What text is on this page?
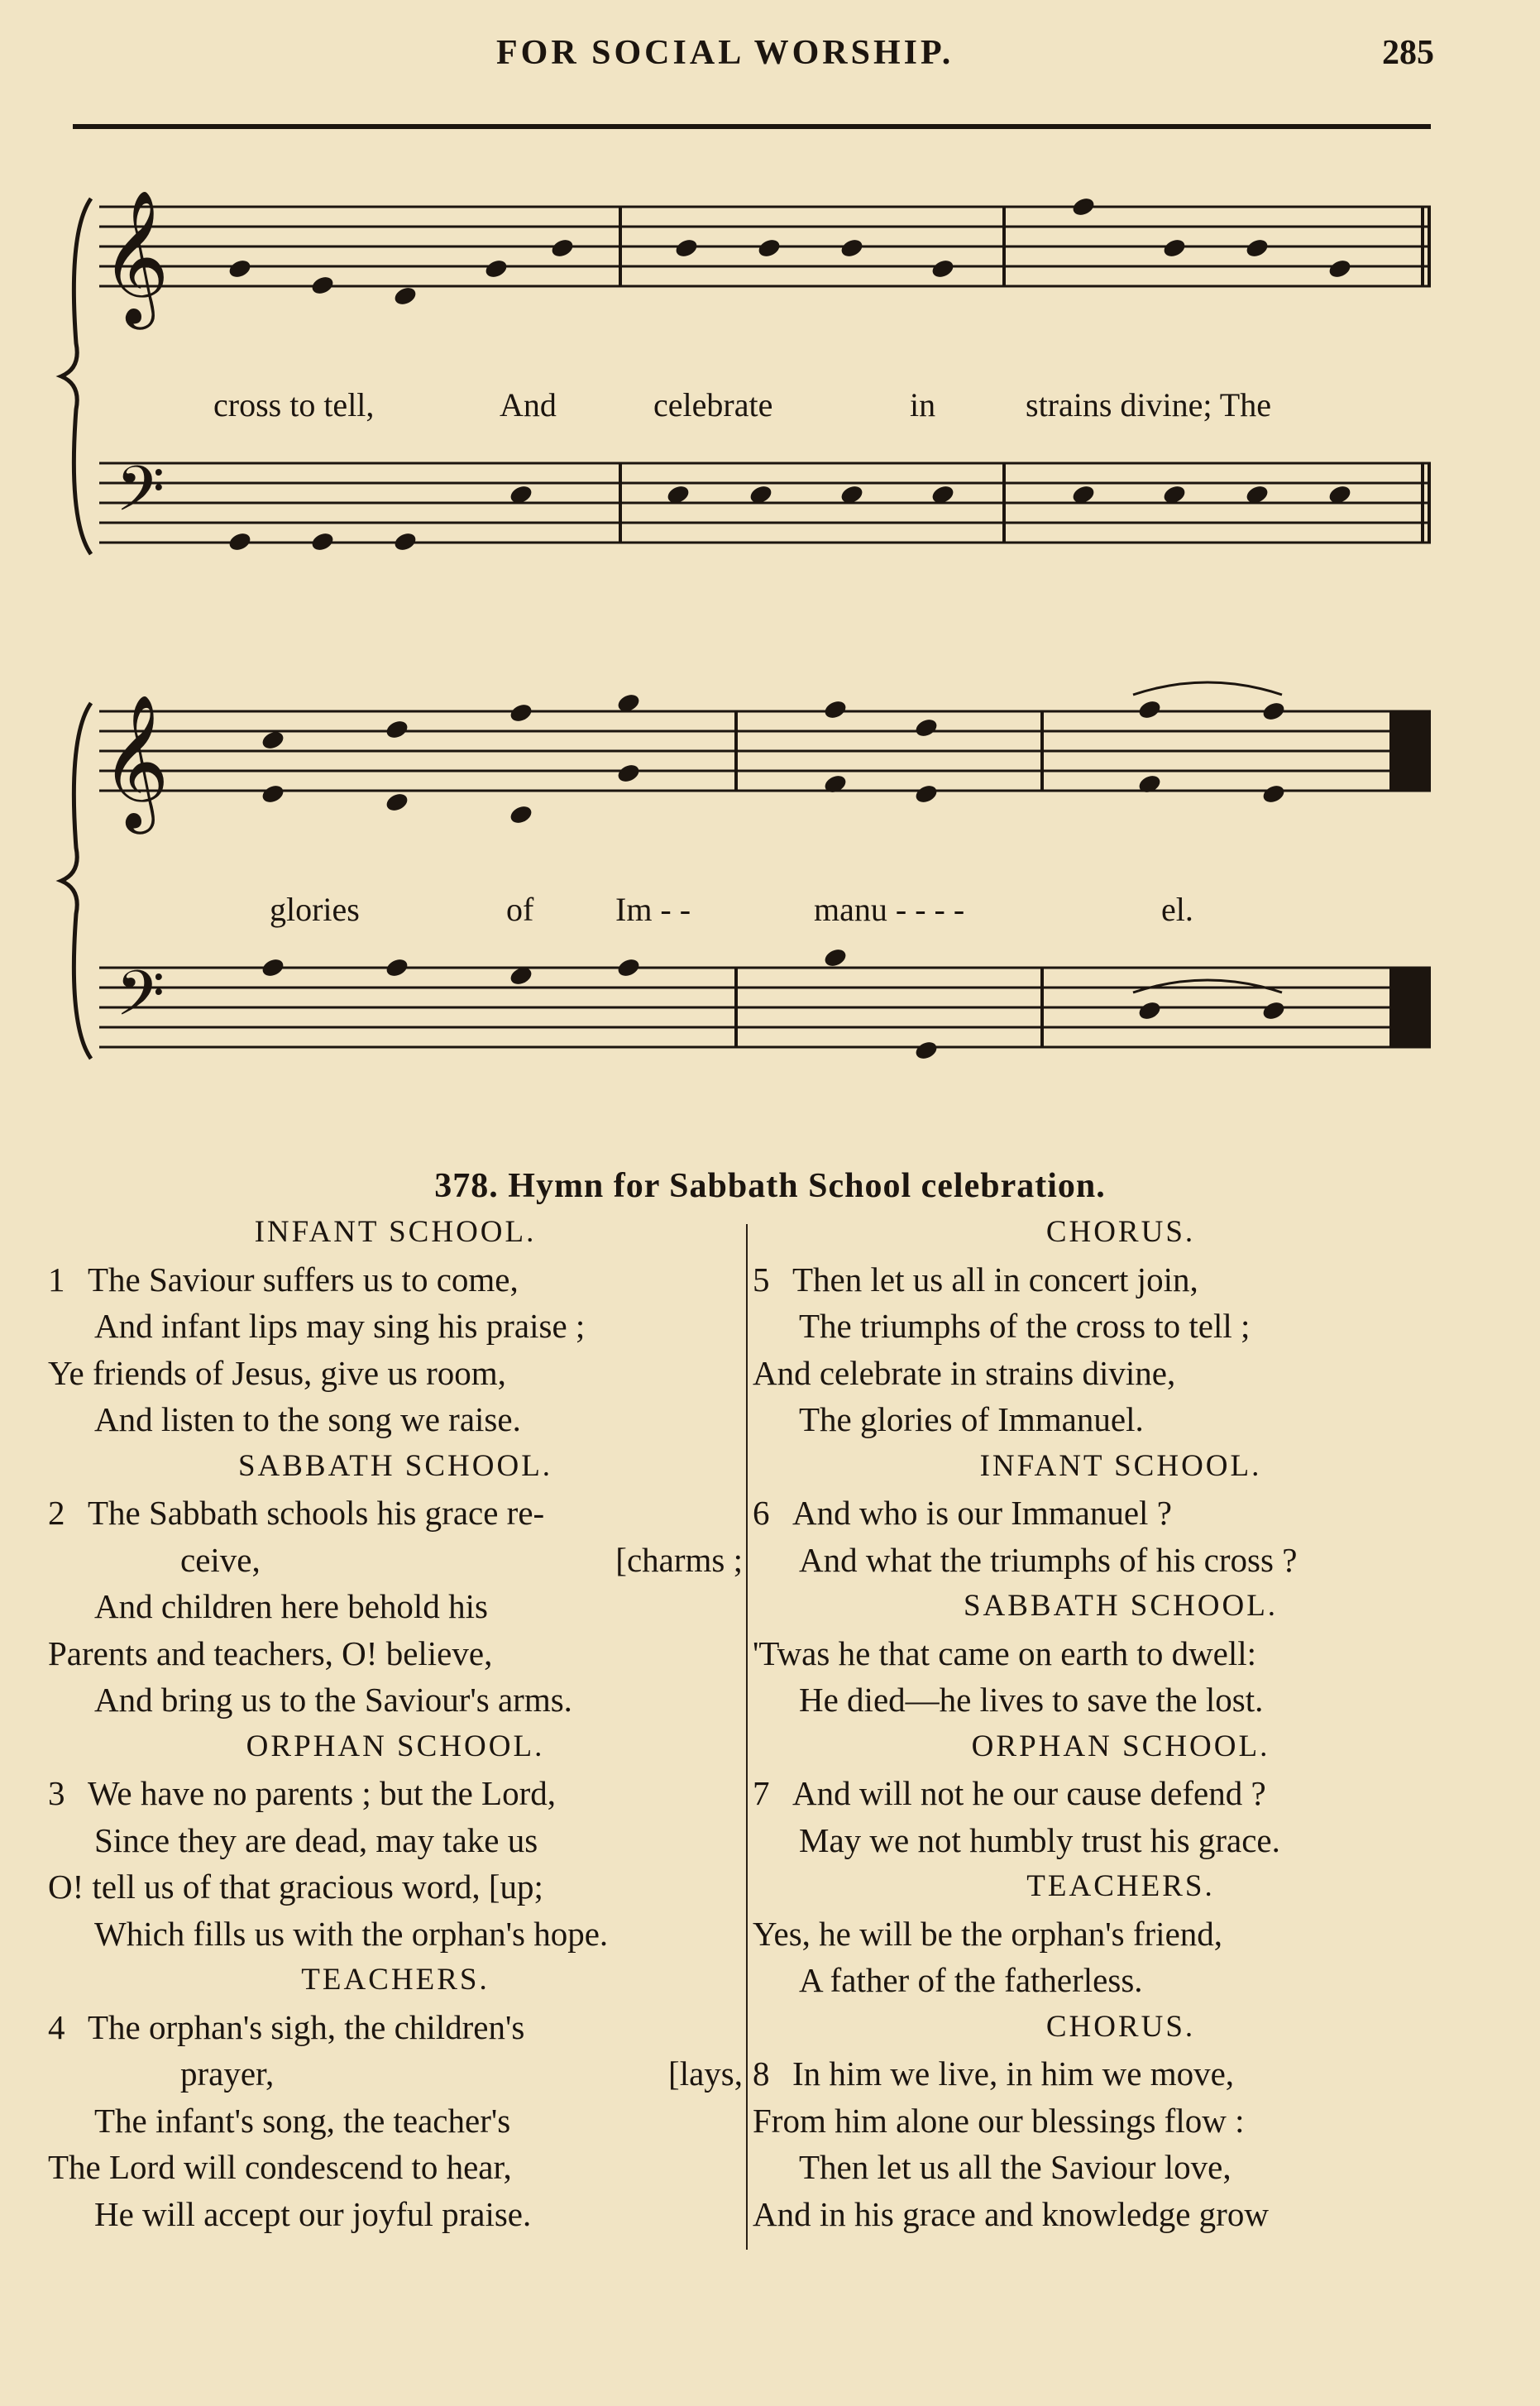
FOR SOCIAL WORSHIP.	285
𝄞
𝄢
𝄞
𝄢
cross to tell,	And	celebrate	in	strains divine; The
glories	of Im - -	manu - - - -	el.
378. Hymn for Sabbath School celebration.
INFANT SCHOOL.
1 The Saviour suffers us to come,
And infant lips may sing his praise ;
Ye friends of Jesus, give us room,
And listen to the song we raise.
SABBATH SCHOOL.
2 The Sabbath schools his grace re-
ceive,	[charms ;
And children here behold his
Parents and teachers, O! believe,
And bring us to the Saviour's arms.
ORPHAN SCHOOL.
3 We have no parents ; but the Lord,
Since they are dead, may take us
O! tell us of that gracious word, [up;
Which fills us with the orphan's hope.
TEACHERS.
4 The orphan's sigh, the children's
prayer,	[lays,
The infant's song, the teacher's
The Lord will condescend to hear,
He will accept our joyful praise.
CHORUS.
5 Then let us all in concert join,
The triumphs of the cross to tell ;
And celebrate in strains divine,
The glories of Immanuel.
INFANT SCHOOL.
6 And who is our Immanuel ?
And what the triumphs of his cross ?
SABBATH SCHOOL.
'Twas he that came on earth to dwell:
He died—he lives to save the lost.
ORPHAN SCHOOL.
7 And will not he our cause defend ?
May we not humbly trust his grace.
TEACHERS.
Yes, he will be the orphan's friend,
A father of the fatherless.
CHORUS.
8 In him we live, in him we move,
From him alone our blessings flow :
Then let us all the Saviour love,
And in his grace and knowledge grow
